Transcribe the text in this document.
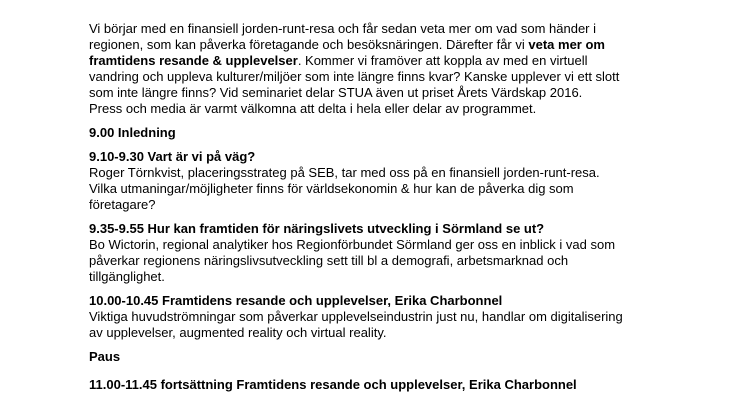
Vi börjar med en finansiell jorden-runt-resa och får sedan veta mer om vad som händer i
regionen, som kan påverka företagande och besöksnäringen. Därefter får vi veta mer om
framtidens resande & upplevelser. Kommer vi framöver att koppla av med en virtuell
vandring och uppleva kulturer/miljöer som inte längre finns kvar? Kanske upplever vi ett slott
som inte längre finns? Vid seminariet delar STUA även ut priset Årets Värdskap 2016.
Press och media är varmt välkomna att delta i hela eller delar av programmet.
9.00 Inledning
9.10-9.30 Vart är vi på väg?
Roger Törnkvist, placeringsstrateg på SEB, tar med oss på en finansiell jorden-runt-resa.
Vilka utmaningar/möjligheter finns för världsekonomin & hur kan de påverka dig som
företagare?
9.35-9.55 Hur kan framtiden för näringslivets utveckling i Sörmland se ut?
Bo Wictorin, regional analytiker hos Regionförbundet Sörmland ger oss en inblick i vad som
påverkar regionens näringslivsutveckling sett till bl a demografi, arbetsmarknad och
tillgänglighet.
10.00-10.45 Framtidens resande och upplevelser, Erika Charbonnel
Viktiga huvudströmningar som påverkar upplevelseindustrin just nu, handlar om digitalisering
av upplevelser, augmented reality och virtual reality.
Paus
11.00-11.45 fortsättning Framtidens resande och upplevelser, Erika Charbonnel
